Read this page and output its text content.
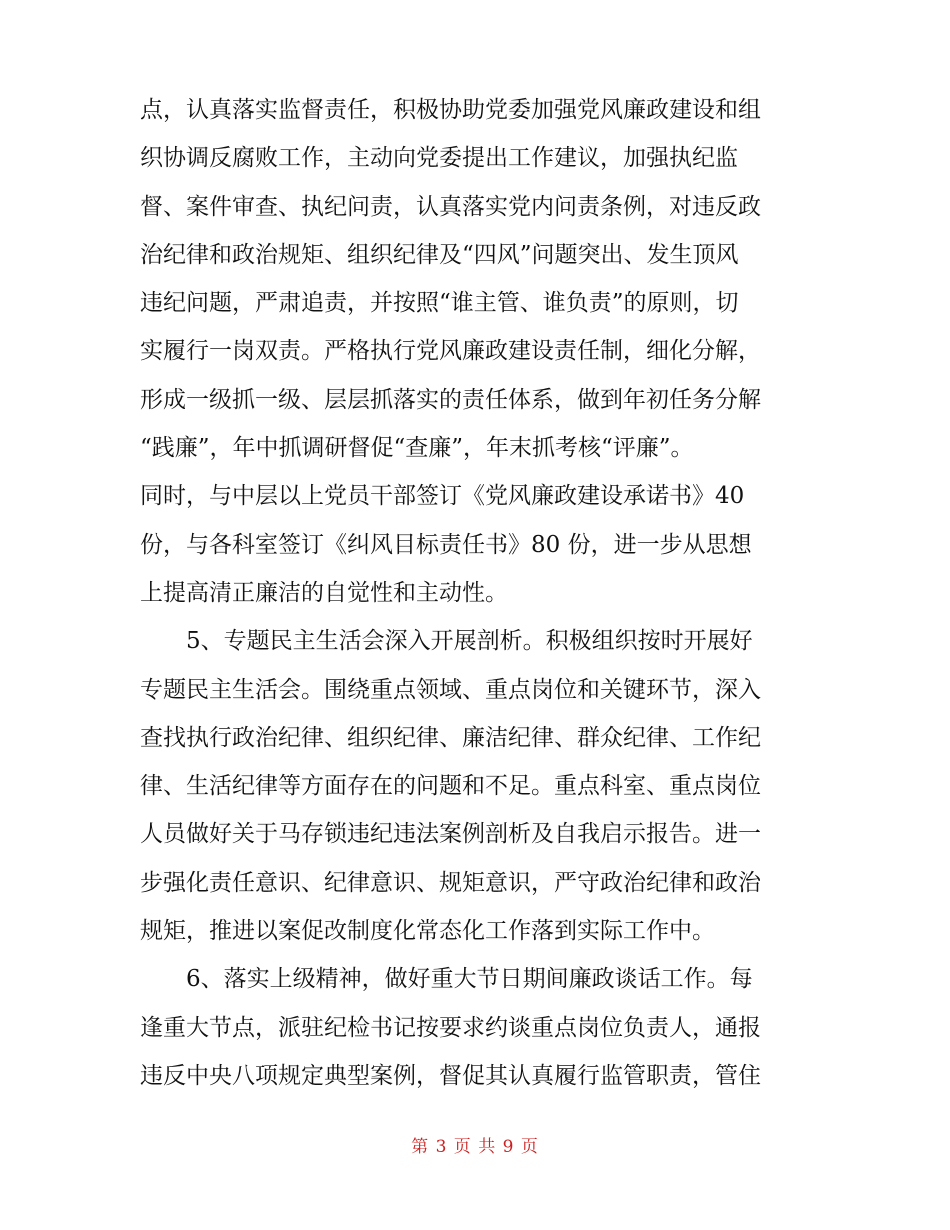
点，认真落实监督责任，积极协助党委加强党风廉政建设和组
织协调反腐败工作，主动向党委提出工作建议，加强执纪监
督、案件审查、执纪问责，认真落实党内问责条例，对违反政
治纪律和政治规矩、组织纪律及“四风”问题突出、发生顶风
违纪问题，严肃追责，并按照“谁主管、谁负责”的原则，切
实履行一岗双责。严格执行党风廉政建设责任制，细化分解，
形成一级抓一级、层层抓落实的责任体系，做到年初任务分解
“践廉”，年中抓调研督促“查廉”，年末抓考核“评廉”。
同时，与中层以上党员干部签订《党风廉政建设承诺书》40
份，与各科室签订《纠风目标责任书》80 份，进一步从思想
上提高清正廉洁的自觉性和主动性。
5、专题民主生活会深入开展剖析。积极组织按时开展好
专题民主生活会。围绕重点领域、重点岗位和关键环节，深入
查找执行政治纪律、组织纪律、廉洁纪律、群众纪律、工作纪
律、生活纪律等方面存在的问题和不足。重点科室、重点岗位
人员做好关于马存锁违纪违法案例剖析及自我启示报告。进一
步强化责任意识、纪律意识、规矩意识，严守政治纪律和政治
规矩，推进以案促改制度化常态化工作落到实际工作中。
6、落实上级精神，做好重大节日期间廉政谈话工作。每
逢重大节点，派驻纪检书记按要求约谈重点岗位负责人，通报
违反中央八项规定典型案例，督促其认真履行监管职责，管住
第 3 页 共 9 页
